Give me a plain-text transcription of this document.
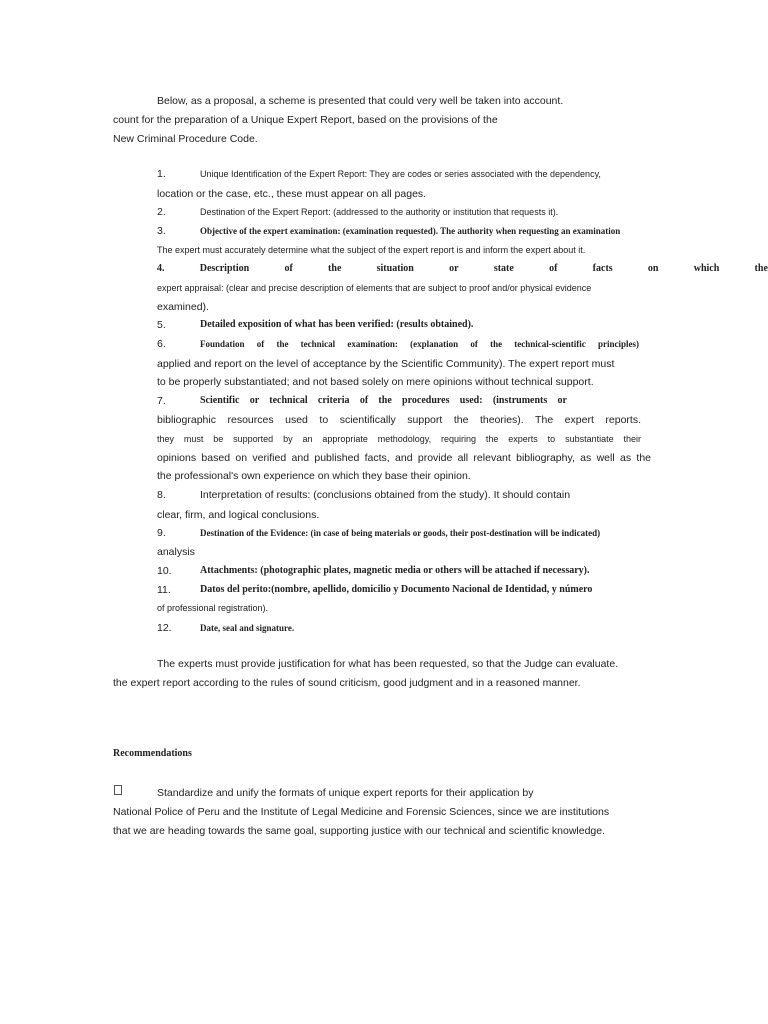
Below, as a proposal, a scheme is presented that could very well be taken into account.
count for the preparation of a Unique Expert Report, based on the provisions of the
New Criminal Procedure Code.
1.	Unique Identification of the Expert Report: They are codes or series associated with the dependency,
location or the case, etc., these must appear on all pages.
2.	Destination of the Expert Report: (addressed to the authority or institution that requests it).
3.	Objective of the expert examination: (examination requested). The authority when requesting an examination
The expert must accurately determine what the subject of the expert report is and inform the expert about it.
4.	Description	of	the	situation	or	state	of	facts	on	which	the
expert appraisal: (clear and precise description of elements that are subject to proof and/or physical evidence
examined).
5.	Detailed exposition of what has been verified: (results obtained).
6.	Foundation of the technical examination: (explanation of the technical-scientific principles)
applied and report on the level of acceptance by the Scientific Community). The expert report must
to be properly substantiated; and not based solely on mere opinions without technical support.
7.	Scientific or technical criteria of the procedures used: (instruments or
bibliographic resources used to scientifically support the theories). The expert reports.
they must be supported by an appropriate methodology, requiring the experts to substantiate their
opinions based on verified and published facts, and provide all relevant bibliography, as well as the
the professional's own experience on which they base their opinion.
8.	Interpretation of results: (conclusions obtained from the study). It should contain
clear, firm, and logical conclusions.
9.	Destination of the Evidence: (in case of being materials or goods, their post-destination will be indicated)
analysis
10.	Attachments: (photographic plates, magnetic media or others will be attached if necessary).
11.	Datos del perito:(nombre, apellido, domicilio y Documento Nacional de Identidad, y número
of professional registration).
12.	Date, seal and signature.
The experts must provide justification for what has been requested, so that the Judge can evaluate.
the expert report according to the rules of sound criticism, good judgment and in a reasoned manner.
Recommendations
Standardize and unify the formats of unique expert reports for their application by
National Police of Peru and the Institute of Legal Medicine and Forensic Sciences, since we are institutions
that we are heading towards the same goal, supporting justice with our technical and scientific knowledge.
